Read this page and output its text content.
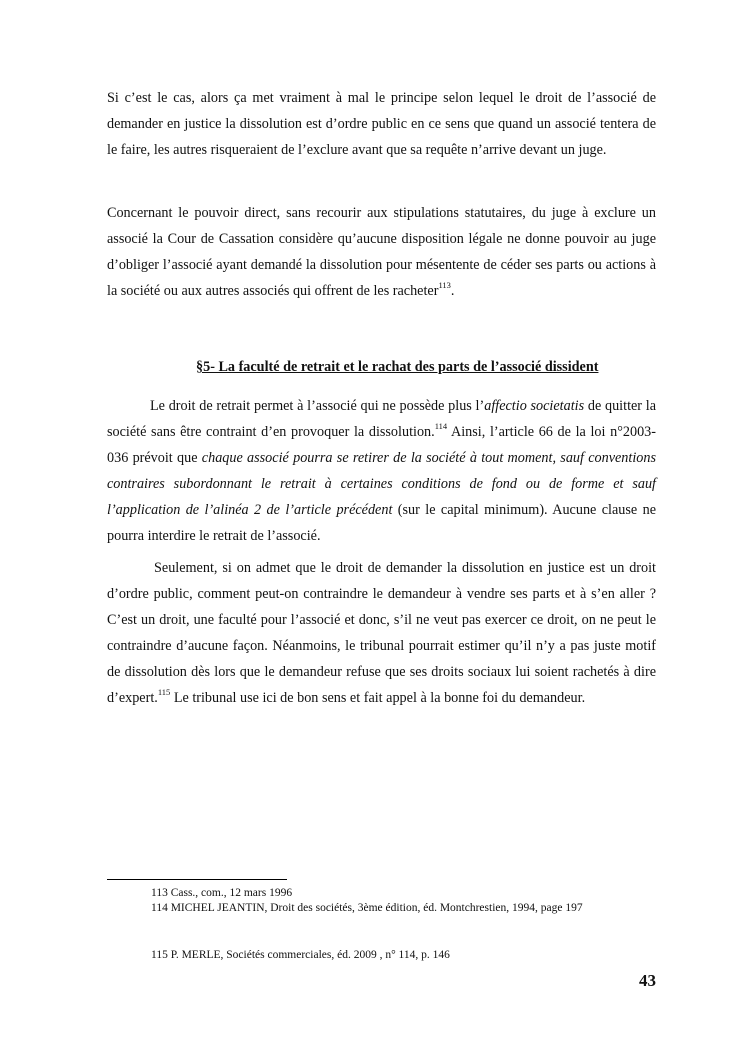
Si c’est le cas, alors ça met vraiment à mal le principe selon lequel le droit de l’associé de demander en justice la dissolution est d’ordre public en ce sens que quand un associé tentera de le faire, les autres risqueraient de l’exclure avant que sa requête n’arrive devant un juge.

Concernant le pouvoir direct, sans recourir aux stipulations statutaires, du juge à exclure un associé la Cour de Cassation considère qu’aucune disposition légale ne donne pouvoir au juge d’obliger l’associé ayant demandé la dissolution pour mésentente de céder ses parts ou actions à la société ou aux autres associés qui offrent de les racheter$^{113}$.

§5- La faculté de retrait et le rachat des parts de l’associé dissident

Le droit de retrait permet à l’associé qui ne possède plus l’affectio societatis de quitter la société sans être contraint d’en provoquer la dissolution.$^{114}$ Ainsi, l’article 66 de la loi n°2003-036 prévoit que chaque associé pourra se retirer de la société à tout moment, sauf conventions contraires subordonnant le retrait à certaines conditions de fond ou de forme et sauf l’application de l’alinéa 2 de l’article précédent (sur le capital minimum). Aucune clause ne pourra interdire le retrait de l’associé.

Seulement, si on admet que le droit de demander la dissolution en justice est un droit d’ordre public, comment peut-on contraindre le demandeur à vendre ses parts et à s’en aller ? C’est un droit, une faculté pour l’associé et donc, s’il ne veut pas exercer ce droit, on ne peut le contraindre d’aucune façon. Néanmoins, le tribunal pourrait estimer qu’il n’y a pas juste motif de dissolution dès lors que le demandeur refuse que ses droits sociaux lui soient rachetés à dire d’expert.$^{115}$ Le tribunal use ici de bon sens et fait appel à la bonne foi du demandeur.

113 Cass., com., 12 mars 1996

114 MICHEL JEANTIN, Droit des sociétés, 3ème édition, éd. Montchrestien, 1994, page 197

115 P. MERLE, Sociétés commerciales, éd. 2009 , n° 114, p. 146

43
